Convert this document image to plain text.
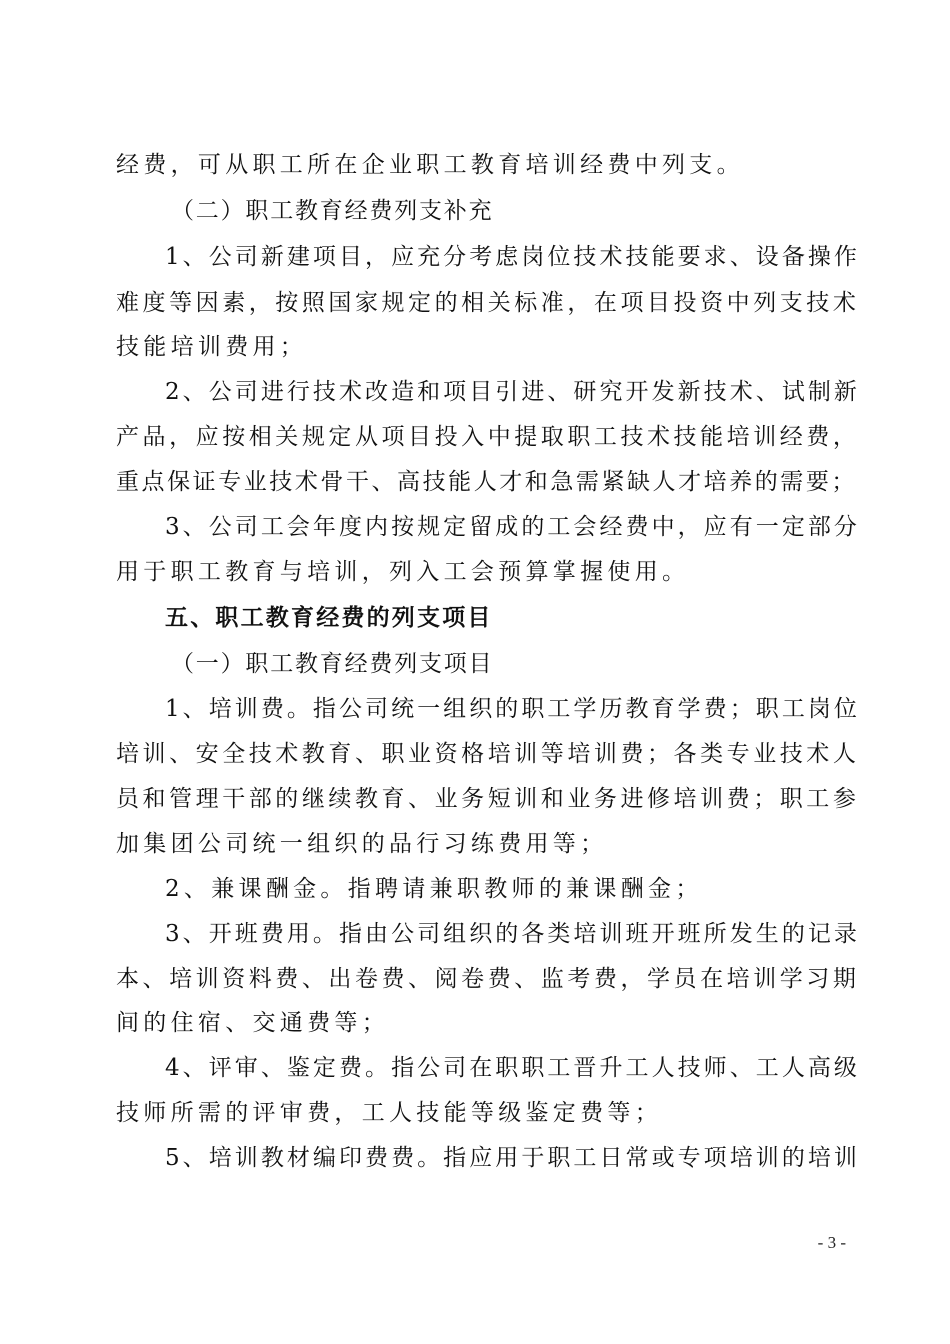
经费，可从职工所在企业职工教育培训经费中列支。
（二）职工教育经费列支补充
1、公司新建项目，应充分考虑岗位技术技能要求、设备操作
难度等因素，按照国家规定的相关标准，在项目投资中列支技术
技能培训费用；
2、公司进行技术改造和项目引进、研究开发新技术、试制新
产品，应按相关规定从项目投入中提取职工技术技能培训经费，
重点保证专业技术骨干、高技能人才和急需紧缺人才培养的需要；
3、公司工会年度内按规定留成的工会经费中，应有一定部分
用于职工教育与培训，列入工会预算掌握使用。
五、职工教育经费的列支项目
（一）职工教育经费列支项目
1、培训费。指公司统一组织的职工学历教育学费；职工岗位
培训、安全技术教育、职业资格培训等培训费；各类专业技术人
员和管理干部的继续教育、业务短训和业务进修培训费；职工参
加集团公司统一组织的品行习练费用等；
2、兼课酬金。指聘请兼职教师的兼课酬金；
3、开班费用。指由公司组织的各类培训班开班所发生的记录
本、培训资料费、出卷费、阅卷费、监考费，学员在培训学习期
间的住宿、交通费等；
4、评审、鉴定费。指公司在职职工晋升工人技师、工人高级
技师所需的评审费，工人技能等级鉴定费等；
5、培训教材编印费费。指应用于职工日常或专项培训的培训
- 3 -
